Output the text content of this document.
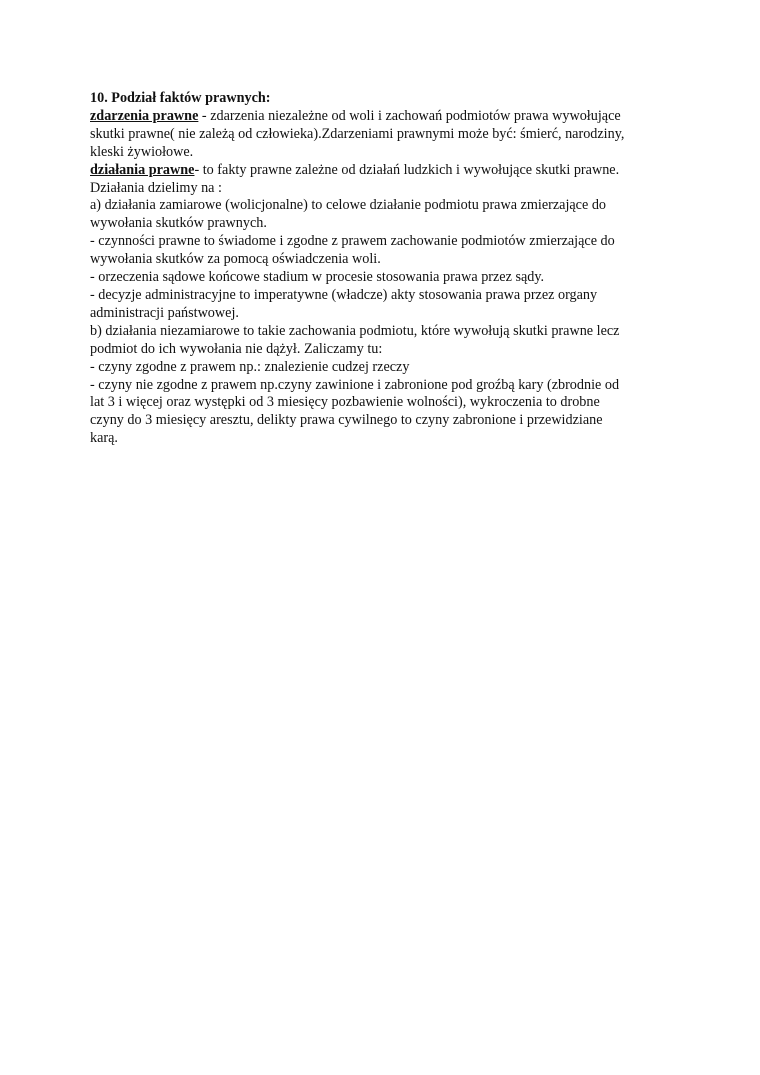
10. Podział faktów prawnych:
zdarzenia prawne - zdarzenia niezależne od woli i zachowań podmiotów prawa wywołujące
skutki prawne( nie zależą od człowieka).Zdarzeniami prawnymi może być: śmierć, narodziny,
kleski żywiołowe.
działania prawne- to fakty prawne zależne od działań ludzkich i wywołujące skutki prawne.
Działania dzielimy na :
a) działania zamiarowe (wolicjonalne) to celowe działanie podmiotu prawa zmierzające do
wywołania skutków prawnych.
- czynności prawne to świadome i zgodne z prawem zachowanie podmiotów zmierzające do
wywołania skutków za pomocą oświadczenia woli.
- orzeczenia sądowe końcowe stadium w procesie stosowania prawa przez sądy.
- decyzje administracyjne to imperatywne (władcze) akty stosowania prawa przez organy
administracji państwowej.
b) działania niezamiarowe to takie zachowania podmiotu, które wywołują skutki prawne lecz
podmiot do ich wywołania nie dążył. Zaliczamy tu:
- czyny zgodne z prawem np.: znalezienie cudzej rzeczy
- czyny nie zgodne z prawem np.czyny zawinione i zabronione pod groźbą kary (zbrodnie od
lat 3 i więcej oraz występki od 3 miesięcy pozbawienie wolności), wykroczenia to drobne
czyny do 3 miesięcy aresztu, delikty prawa cywilnego to czyny zabronione i przewidziane
karą.
